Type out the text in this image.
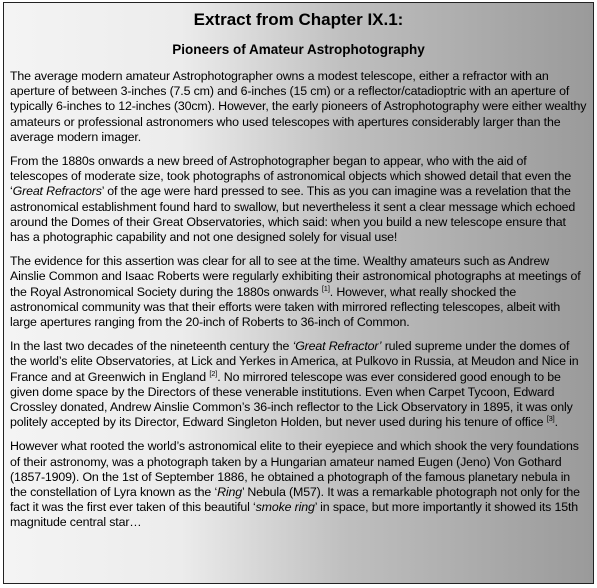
Extract from Chapter IX.1:
Pioneers of Amateur Astrophotography

The average modern amateur Astrophotographer owns a modest telescope, either a refractor with an aperture of between 3-inches (7.5 cm) and 6-inches (15 cm) or a reflector/catadioptric with an aperture of typically 6-inches to 12-inches (30cm). However, the early pioneers of Astrophotography were either wealthy amateurs or professional astronomers who used telescopes with apertures considerably larger than the average modern imager.

From the 1880s onwards a new breed of Astrophotographer began to appear, who with the aid of telescopes of moderate size, took photographs of astronomical objects which showed detail that even the ‘Great Refractors’ of the age were hard pressed to see. This as you can imagine was a revelation that the astronomical establishment found hard to swallow, but nevertheless it sent a clear message which echoed around the Domes of their Great Observatories, which said: when you build a new telescope ensure that has a photographic capability and not one designed solely for visual use!

The evidence for this assertion was clear for all to see at the time. Wealthy amateurs such as Andrew Ainslie Common and Isaac Roberts were regularly exhibiting their astronomical photographs at meetings of the Royal Astronomical Society during the 1880s onwards [1]. However, what really shocked the astronomical community was that their efforts were taken with mirrored reflecting telescopes, albeit with large apertures ranging from the 20-inch of Roberts to 36-inch of Common.

In the last two decades of the nineteenth century the ‘Great Refractor’ ruled supreme under the domes of the world’s elite Observatories, at Lick and Yerkes in America, at Pulkovo in Russia, at Meudon and Nice in France and at Greenwich in England [2]. No mirrored telescope was ever considered good enough to be given dome space by the Directors of these venerable institutions. Even when Carpet Tycoon, Edward Crossley donated, Andrew Ainslie Common’s 36-inch reflector to the Lick Observatory in 1895, it was only politely accepted by its Director, Edward Singleton Holden, but never used during his tenure of office [3].

However what rooted the world’s astronomical elite to their eyepiece and which shook the very foundations of their astronomy, was a photograph taken by a Hungarian amateur named Eugen (Jeno) Von Gothard (1857-1909). On the 1st of September 1886, he obtained a photograph of the famous planetary nebula in the constellation of Lyra known as the ‘Ring’ Nebula (M57). It was a remarkable photograph not only for the fact it was the first ever taken of this beautiful ‘smoke ring’ in space, but more importantly it showed its 15th magnitude central star…
